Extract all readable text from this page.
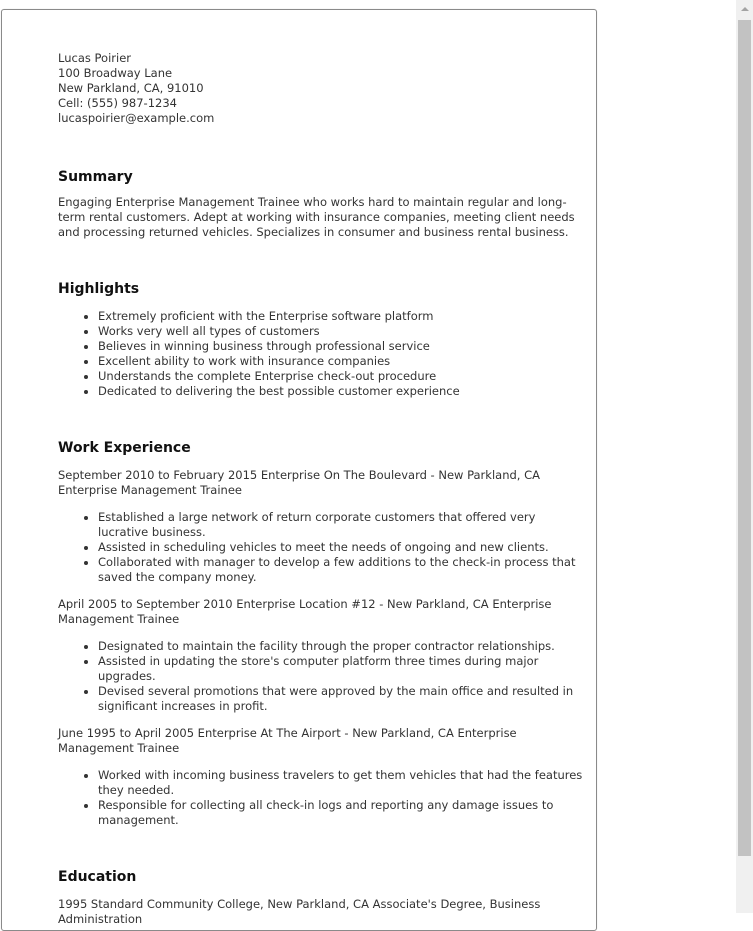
Lucas Poirier

100 Broadway Lane

New Parkland, CA, 91010

Cell: (555) 987-1234

lucaspoirier@example.com

Summary

Engaging Enterprise Management Trainee who works hard to maintain regular and long-term rental customers. Adept at working with insurance companies, meeting client needs and processing returned vehicles. Specializes in consumer and business rental business.

Highlights
• Extremely proficient with the Enterprise software platform
• Works very well all types of customers
• Believes in winning business through professional service
• Excellent ability to work with insurance companies
• Understands the complete Enterprise check-out procedure
• Dedicated to delivering the best possible customer experience
Work Experience

September 2010 to February 2015 Enterprise On The Boulevard - New Parkland, CA Enterprise Management Trainee

• Established a large network of return corporate customers that offered very lucrative business.
• Assisted in scheduling vehicles to meet the needs of ongoing and new clients.
• Collaborated with manager to develop a few additions to the check-in process that saved the company money.

April 2005 to September 2010 Enterprise Location #12 - New Parkland, CA Enterprise Management Trainee

• Designated to maintain the facility through the proper contractor relationships.
• Assisted in updating the store's computer platform three times during major upgrades.
• Devised several promotions that were approved by the main office and resulted in significant increases in profit.

June 1995 to April 2005 Enterprise At The Airport - New Parkland, CA Enterprise Management Trainee

• Worked with incoming business travelers to get them vehicles that had the features they needed.
• Responsible for collecting all check-in logs and reporting any damage issues to management.
Education

1995 Standard Community College, New Parkland, CA Associate's Degree, Business Administration
